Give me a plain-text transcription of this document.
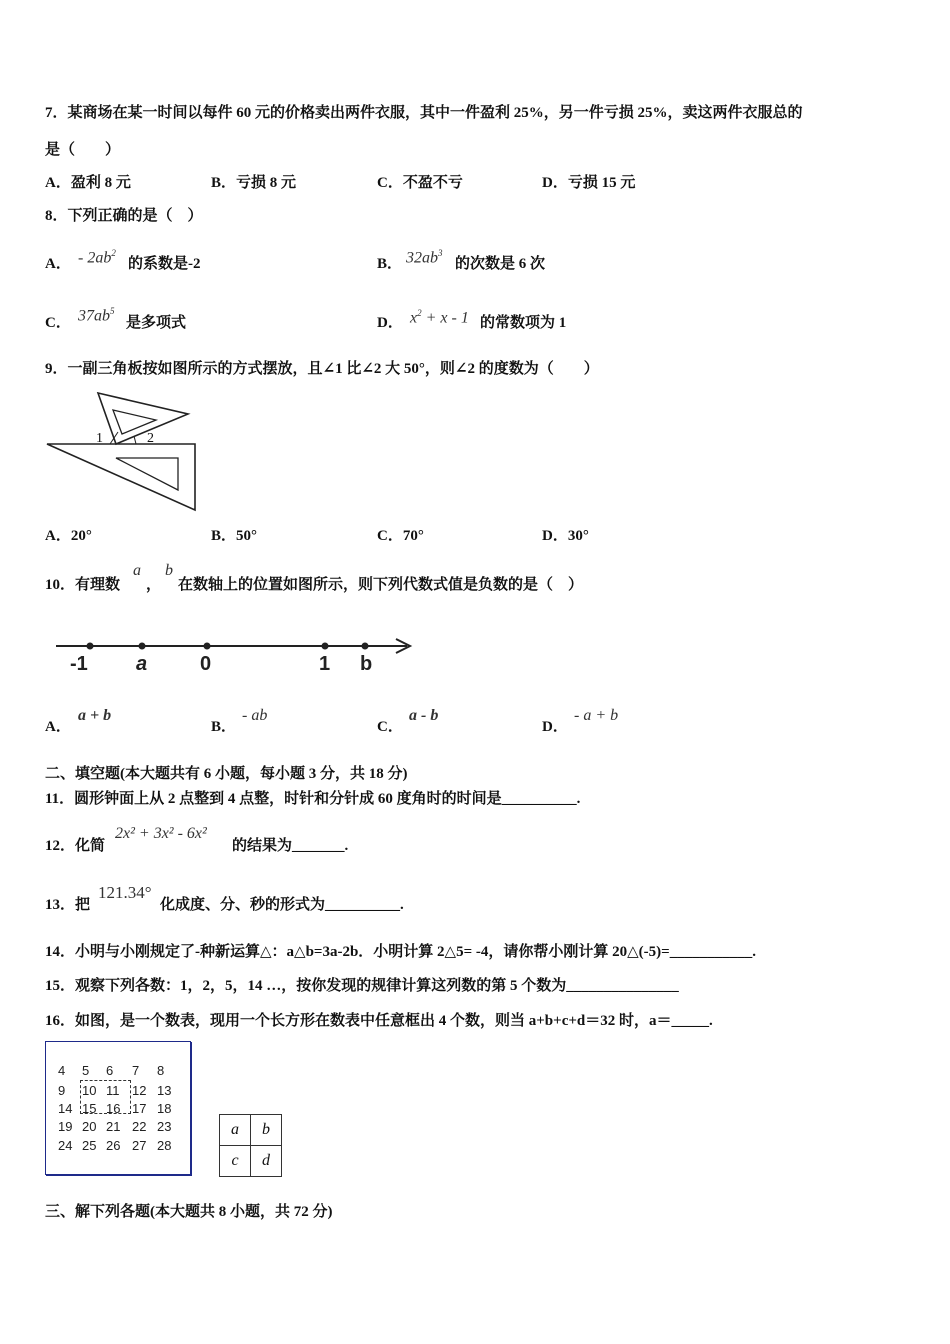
7．某商场在某一时间以每件 60 元的价格卖出两件衣服，其中一件盈利 25%，另一件亏损 25%，卖这两件衣服总的
是（　　）
A．盈利 8 元	B．亏损 8 元	C．不盈不亏	D．亏损 15 元
8．下列正确的是（　）
A． - $2ab^2$
的系数是-2	B． $32ab^3$
的次数是 6 次
C． $37ab^5$
是多项式	D． $x^2 + x - 1$ 的常数项为 1
9．一副三角板按如图所示的方式摆放，且∠1 比∠2 大 50°，则∠2 的度数为（　　）
1	2
A．20°	B．50°	C．70°	D．30°
10．有理数
a
，
b
在数轴上的位置如图所示，则下列代数式值是负数的是（　）
-1 a	0	1 b
A．
a + b
B．
- ab
C．
a - b
D．
- a + b
二、填空题(本大题共有 6 小题，每小题 3 分，共 18 分)
11．圆形钟面上从 2 点整到 4 点整，时针和分针成 60 度角时的时间是__________.
12．化简
2x² + 3x² - 6x²
的结果为_______.
13．把
121.34°
化成度、分、秒的形式为__________.
14．小明与小刚规定了-种新运算△：a△b=3a-2b．小明计算 2△5= -4，请你帮小刚计算 20△(-5)=___________.
15．观察下列各数：1，2，5，14 …，按你发现的规律计算这列数的第 5 个数为_______________
16．如图，是一个数表，现用一个长方形在数表中任意框出 4 个数，则当 a+b+c+d＝32 时，a＝_____.
4 5 6 7 8
9 10 11 12 13
14 15 16 17 18
19 20 21 22 23
24 25 26 27 28
a	b
c	d
三、解下列各题(本大题共 8 小题，共 72 分)
